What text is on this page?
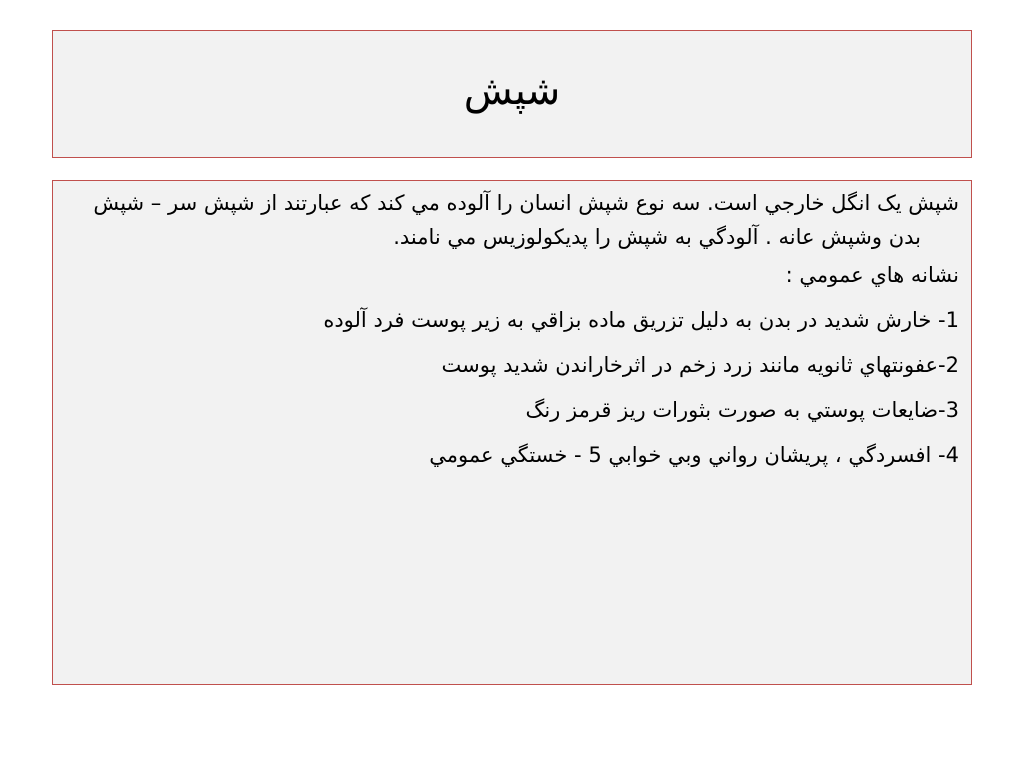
شپش

شپش یک انگل خارجي است. سه نوع شپش انسان را آلوده مي کند که عبارتند از شپش سر – شپش بدن وشپش عانه . آلودگي به شپش را پديکولوزيس مي نامند.

نشانه هاي عمومي :

1- خارش شديد در بدن به دليل تزريق ماده بزاقي به زير پوست فرد آلوده

2-عفونتهاي ثانويه مانند زرد زخم در اثرخاراندن شديد پوست

3-ضايعات پوستي به صورت بثورات ريز قرمز رنگ

4- افسردگي ، پريشان رواني وبي خوابي 5 - خستگي عمومي
